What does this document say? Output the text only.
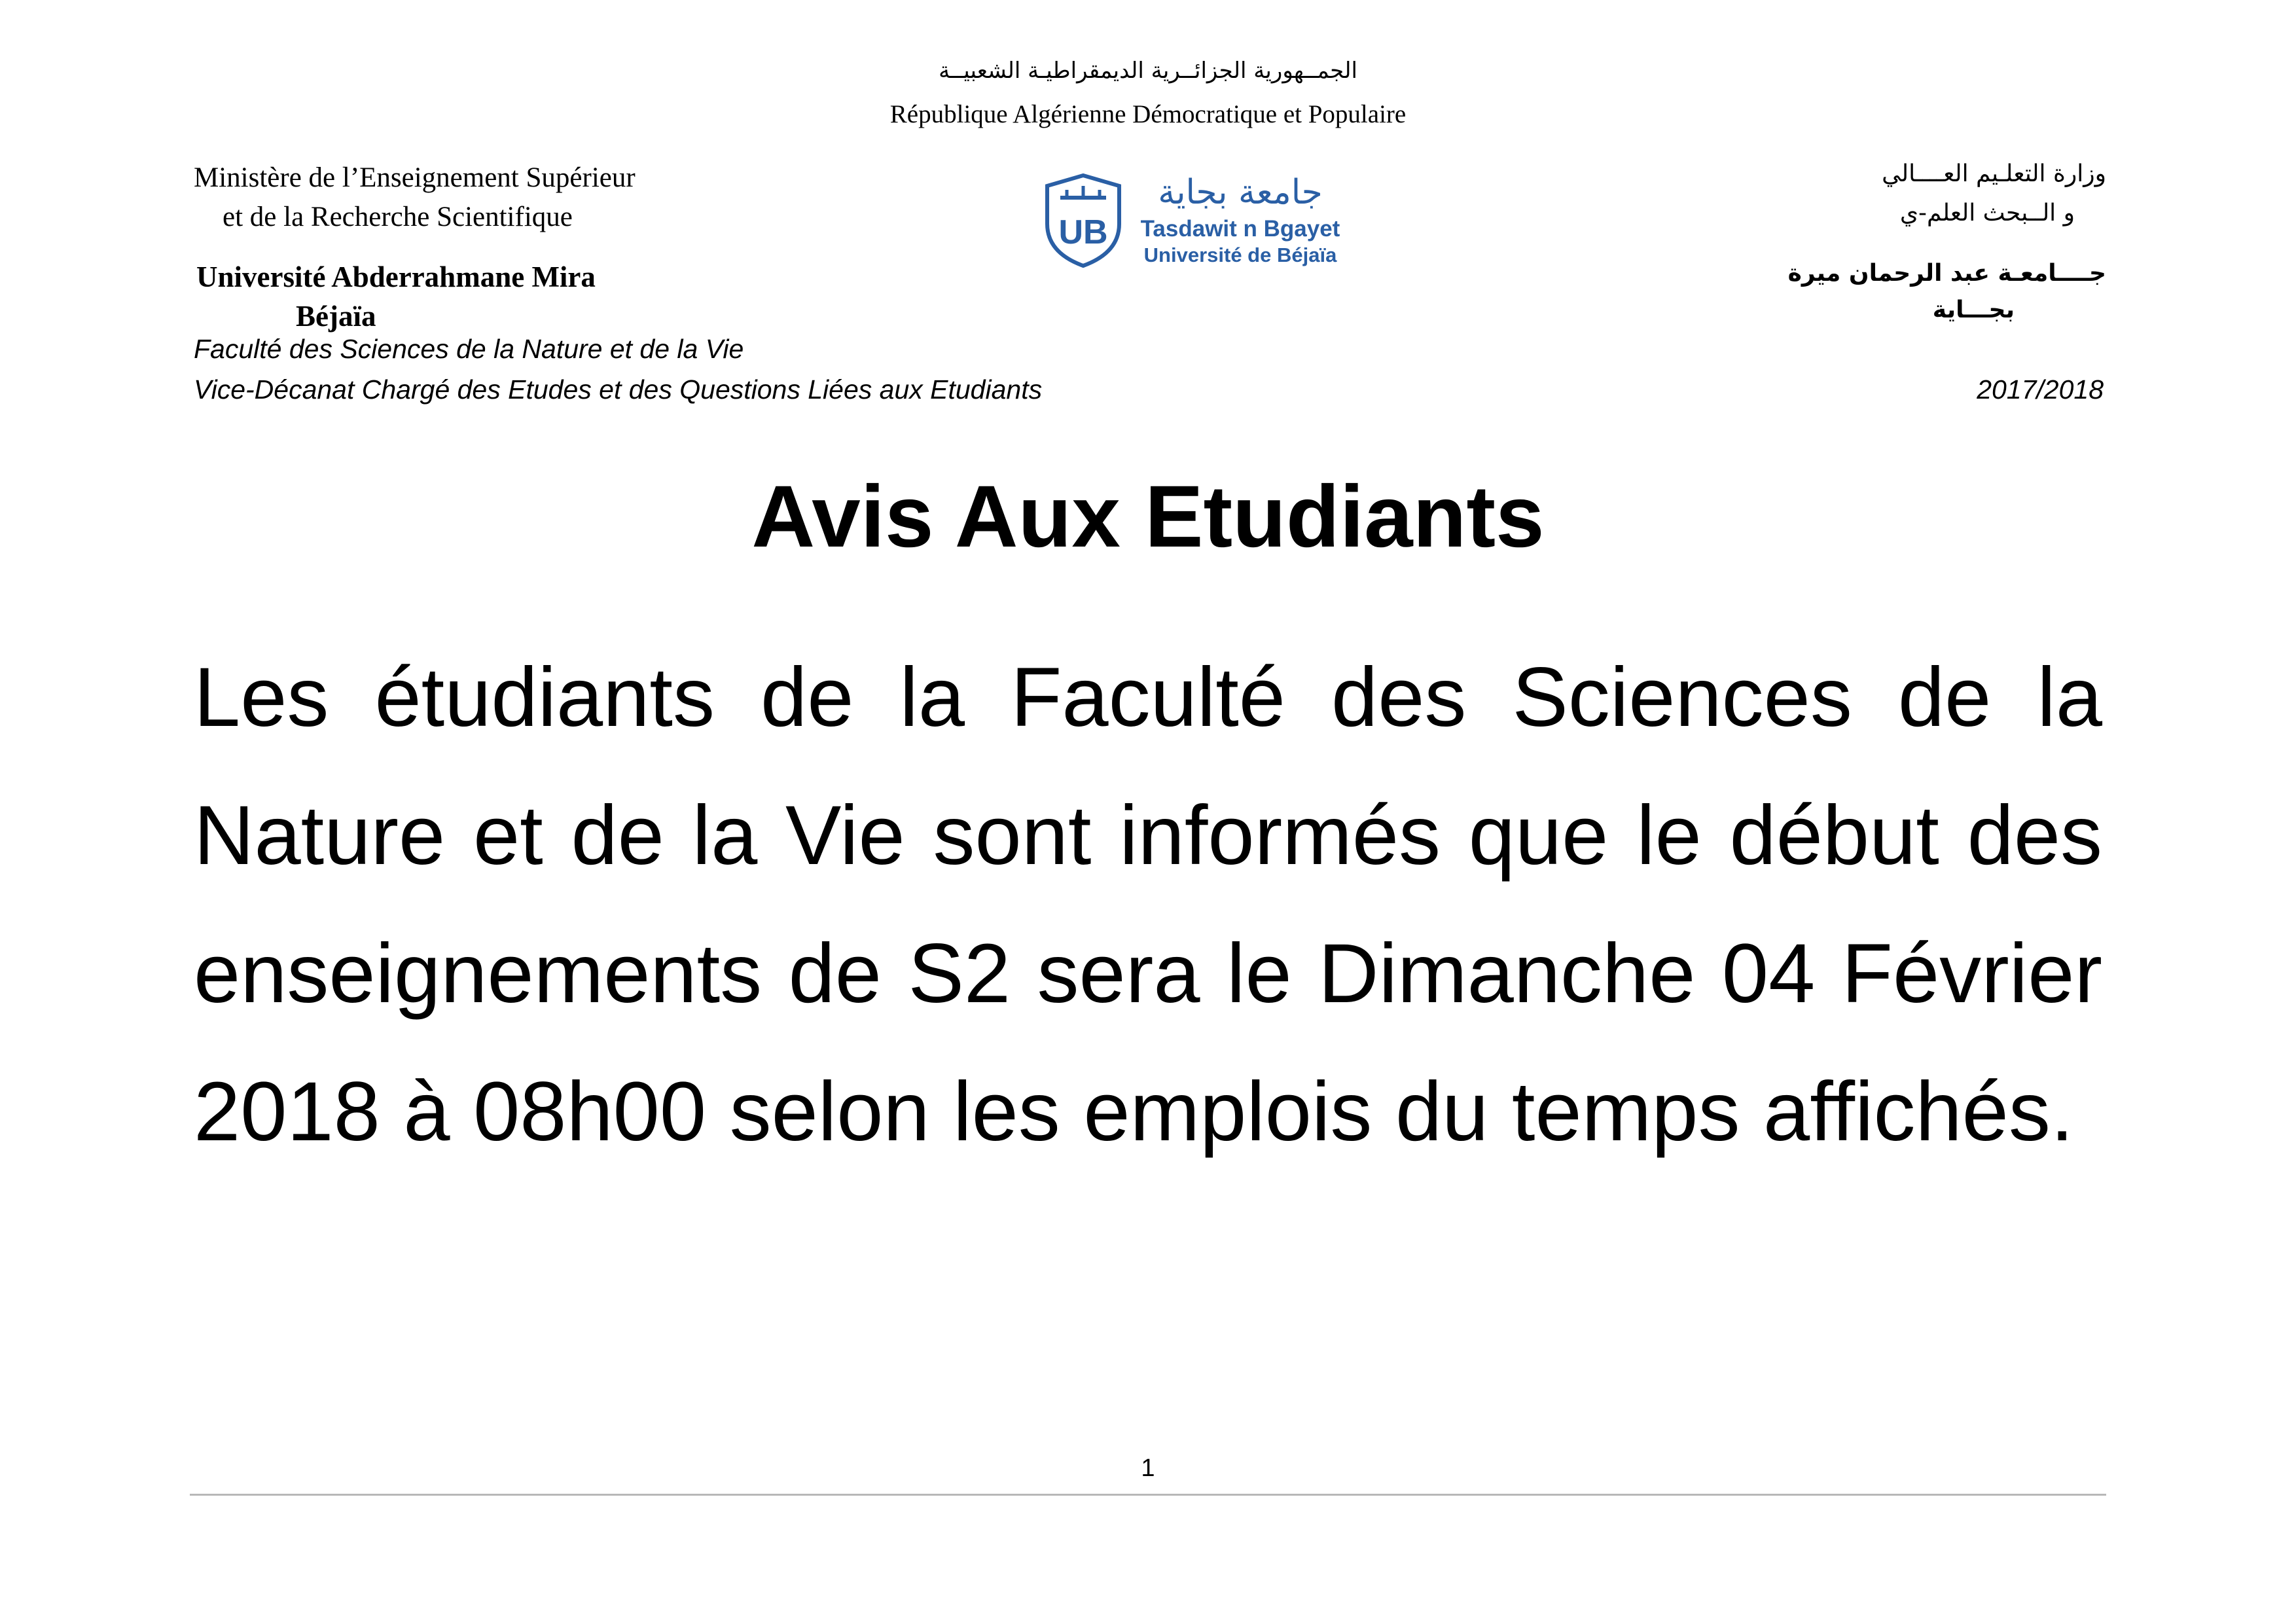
الجمــهورية الجزائــرية الديمقراطيـة الشعبيــة
République Algérienne Démocratique et Populaire
Ministère de l’Enseignement Supérieur
et de la Recherche Scientifique
Université Abderrahmane Mira
Béjaïa
Faculté des Sciences de la Nature et de la Vie
Vice-Décanat Chargé des Etudes et des Questions Liées aux Etudiants
وزارة التعلـيم العــــالي
و الــبحث العلم-ي
جــــامعـة عبد الرحمان ميرة
بجـــاية
2017/2018
UB
جامعة بجاية
Tasdawit n Bgayet
Université de Béjaïa
Avis Aux Etudiants

Les étudiants de la Faculté des Sciences de la Nature et de la Vie sont informés que le début des enseignements de S2 sera le Dimanche 04 Février 2018 à 08h00 selon les emplois du temps affichés.

1
